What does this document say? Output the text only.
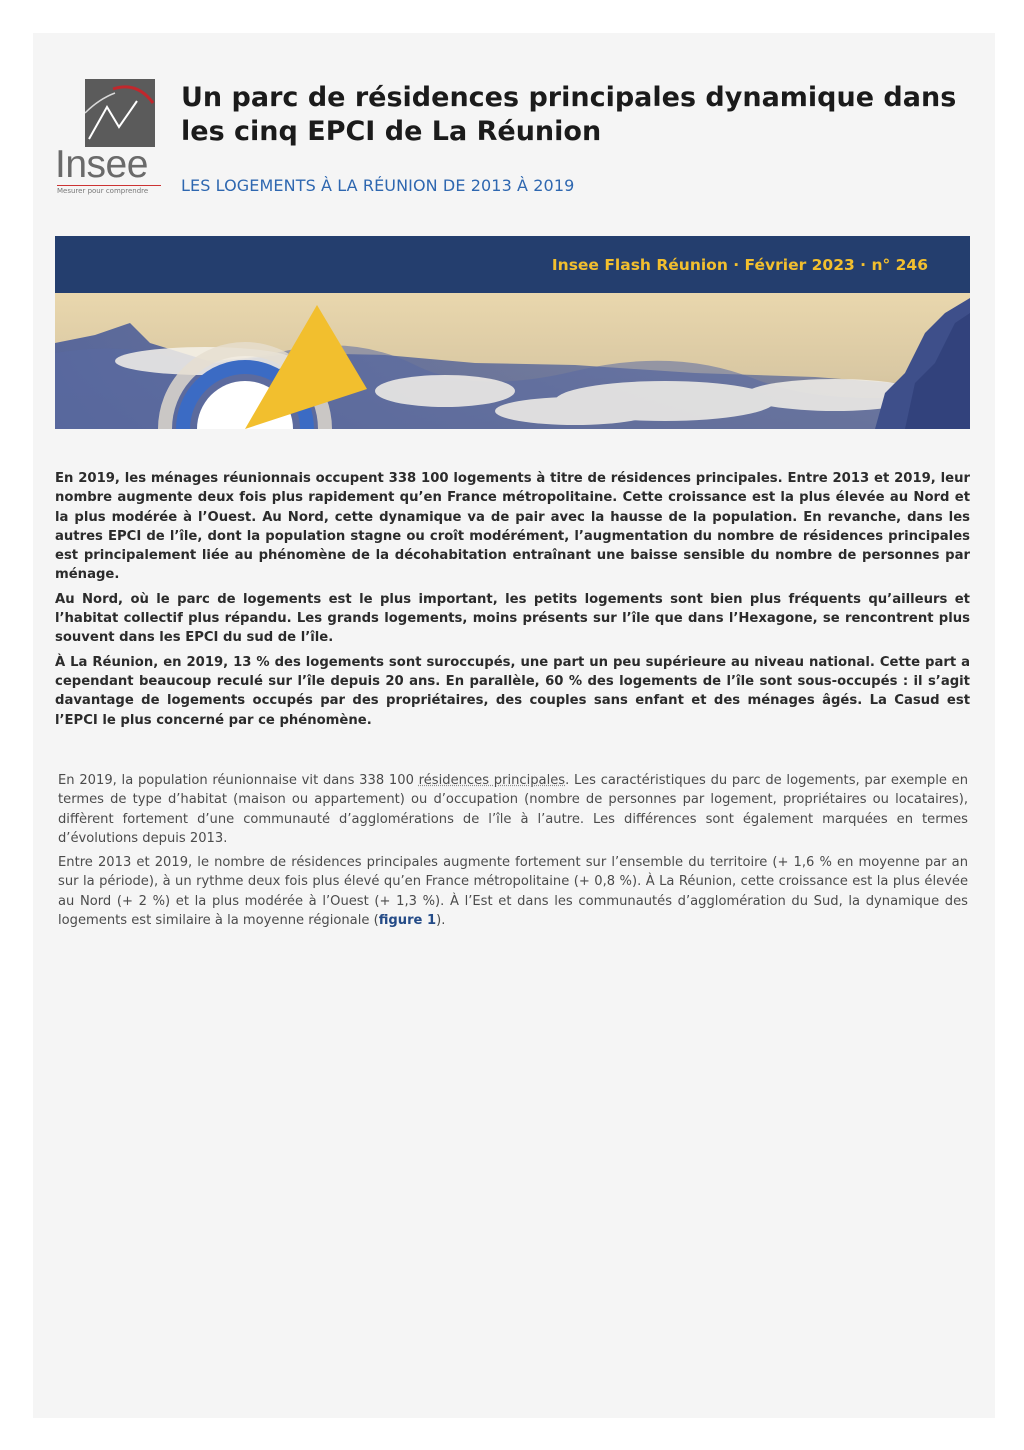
Insee
Mesurer pour comprendre
Un parc de résidences principales dynamique dans les cinq EPCI de La Réunion
LES LOGEMENTS À LA RÉUNION DE 2013 À 2019
Insee Flash Réunion · Février 2023 · n° 246

En 2019, les ménages réunionnais occupent 338 100 logements à titre de résidences principales. Entre 2013 et 2019, leur nombre augmente deux fois plus rapidement qu’en France métropolitaine. Cette croissance est la plus élevée au Nord et la plus modérée à l’Ouest. Au Nord, cette dynamique va de pair avec la hausse de la population. En revanche, dans les autres EPCI de l’île, dont la population stagne ou croît modérément, l’augmentation du nombre de résidences principales est principalement liée au phénomène de la décohabitation entraînant une baisse sensible du nombre de personnes par ménage.

Au Nord, où le parc de logements est le plus important, les petits logements sont bien plus fréquents qu’ailleurs et l’habitat collectif plus répandu. Les grands logements, moins présents sur l’île que dans l’Hexagone, se rencontrent plus souvent dans les EPCI du sud de l’île.

À La Réunion, en 2019, 13 % des logements sont suroccupés, une part un peu supérieure au niveau national. Cette part a cependant beaucoup reculé sur l’île depuis 20 ans. En parallèle, 60 % des logements de l’île sont sous-occupés : il s’agit davantage de logements occupés par des propriétaires, des couples sans enfant et des ménages âgés. La Casud est l’EPCI le plus concerné par ce phénomène.

En 2019, la population réunionnaise vit dans 338 100 résidences principales. Les caractéristiques du parc de logements, par exemple en termes de type d’habitat (maison ou appartement) ou d’occupation (nombre de personnes par logement, propriétaires ou locataires), diffèrent fortement d’une communauté d’agglomérations de l’île à l’autre. Les différences sont également marquées en termes d’évolutions depuis 2013.

Entre 2013 et 2019, le nombre de résidences principales augmente fortement sur l’ensemble du territoire (+ 1,6 % en moyenne par an sur la période), à un rythme deux fois plus élevé qu’en France métropolitaine (+ 0,8 %). À La Réunion, cette croissance est la plus élevée au Nord (+ 2 %) et la plus modérée à l’Ouest (+ 1,3 %). À l’Est et dans les communautés d’agglomération du Sud, la dynamique des logements est similaire à la moyenne régionale (figure 1).
